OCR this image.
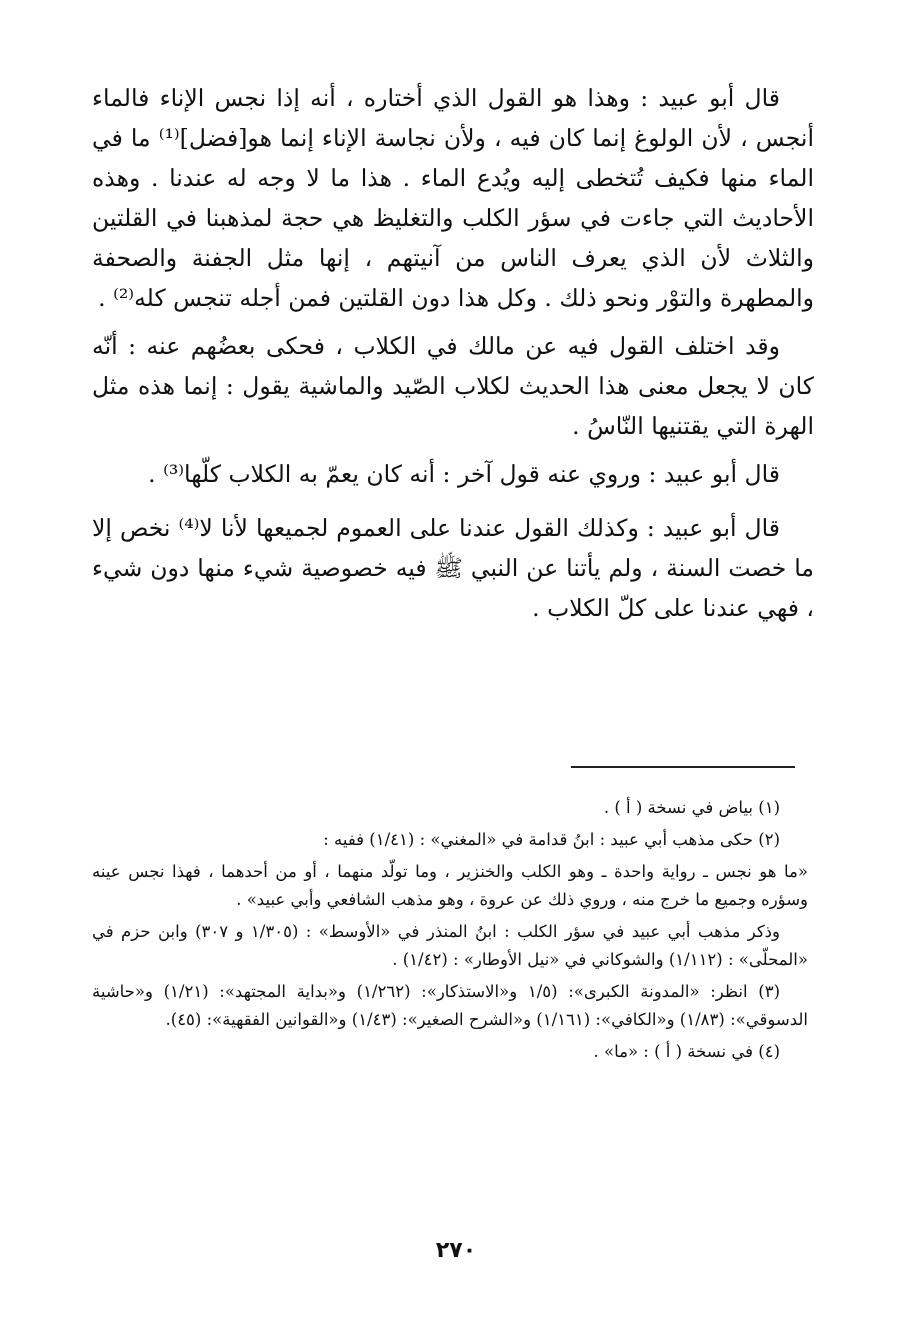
قال أبو عبيد : وهذا هو القول الذي أختاره ، أنه إذا نجس الإناء فالماء أنجس ، لأن الولوغ إنما كان فيه ، ولأن نجاسة الإناء إنما هو[فضل]⁽¹⁾ ما في الماء منها فكيف تُتخطى إليه ويُدع الماء . هذا ما لا وجه له عندنا . وهذه الأحاديث التي جاءت في سؤر الكلب والتغليظ هي حجة لمذهبنا في القلتين والثلاث لأن الذي يعرف الناس من آنيتهم ، إنها مثل الجفنة والصحفة والمطهرة والتوْر ونحو ذلك . وكل هذا دون القلتين فمن أجله تنجس كله⁽²⁾ .

وقد اختلف القول فيه عن مالك في الكلاب ، فحكى بعضُهم عنه : أنّه كان لا يجعل معنى هذا الحديث لكلاب الصّيد والماشية يقول : إنما هذه مثل الهرة التي يقتنيها النّاسُ .

قال أبو عبيد : وروي عنه قول آخر : أنه كان يعمّ به الكلاب كلّها⁽³⁾ .

قال أبو عبيد : وكذلك القول عندنا على العموم لجميعها لأنا لا⁽⁴⁾ نخص إلا ما خصت السنة ، ولم يأتنا عن النبي ﷺ فيه خصوصية شيء منها دون شيء ، فهي عندنا على كلّ الكلاب .

(١) بياض في نسخة ( أ ) .

(٢) حكى مذهب أبي عبيد : ابنُ قدامة في «المغني» : (١/٤١) ففيه :

«ما هو نجس ـ رواية واحدة ـ وهو الكلب والخنزير ، وما تولّد منهما ، أو من أحدهما ، فهذا نجس عينه وسؤره وجميع ما خرج منه ، وروي ذلك عن عروة ، وهو مذهب الشافعي وأبي عبيد» .

وذكر مذهب أبي عبيد في سؤر الكلب : ابنُ المنذر في «الأوسط» : (١/٣٠٥ و ٣٠٧) وابن حزم في «المحلّى» : (١/١١٢) والشوكاني في «نيل الأوطار» : (١/٤٢) .

(٣) انظر: «المدونة الكبرى»: (١/٥ و«الاستذكار»: (١/٢٦٢) و«بداية المجتهد»: (١/٢١) و«حاشية الدسوقي»: (١/٨٣) و«الكافي»: (١/١٦١) و«الشرح الصغير»: (١/٤٣) و«القوانين الفقهية»: (٤٥).

(٤) في نسخة ( أ ) : «ما» .

٢٧٠
